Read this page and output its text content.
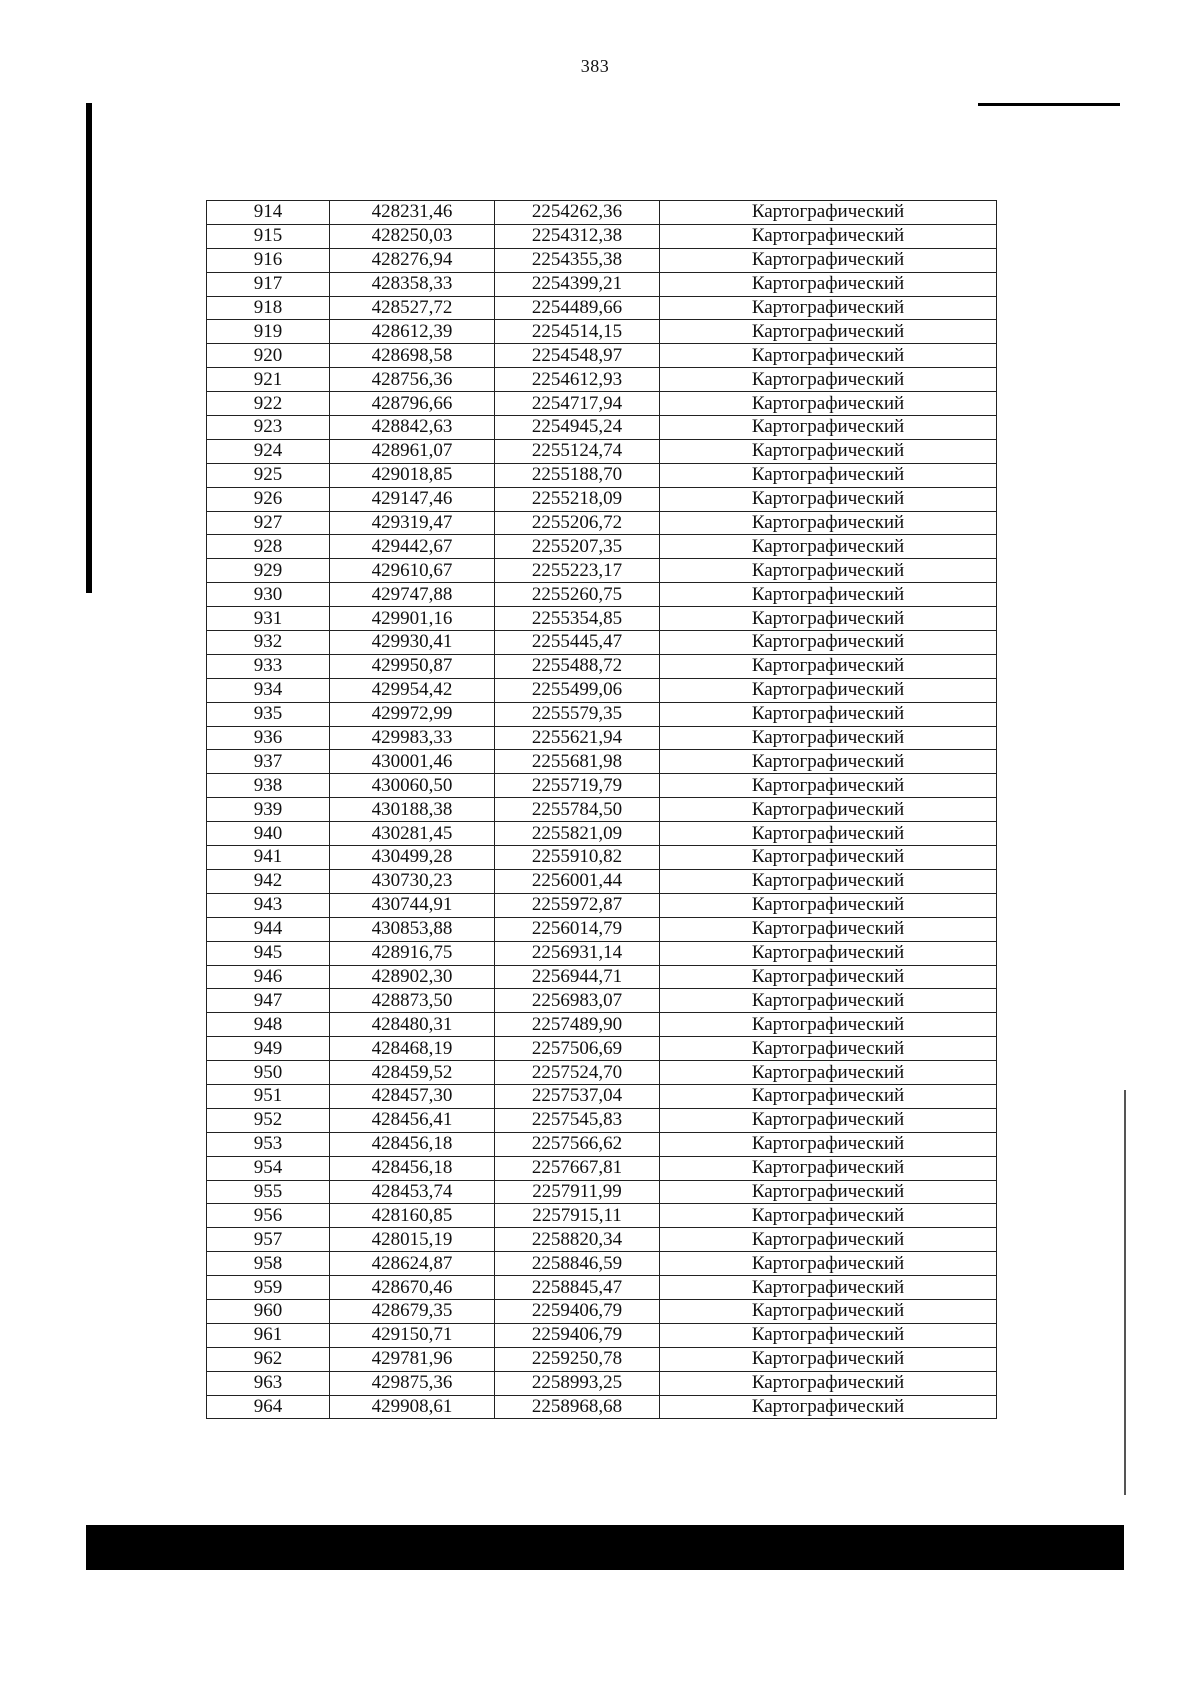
383
914	428231,46	2254262,36	Картографический
915	428250,03	2254312,38	Картографический
916	428276,94	2254355,38	Картографический
917	428358,33	2254399,21	Картографический
918	428527,72	2254489,66	Картографический
919	428612,39	2254514,15	Картографический
920	428698,58	2254548,97	Картографический
921	428756,36	2254612,93	Картографический
922	428796,66	2254717,94	Картографический
923	428842,63	2254945,24	Картографический
924	428961,07	2255124,74	Картографический
925	429018,85	2255188,70	Картографический
926	429147,46	2255218,09	Картографический
927	429319,47	2255206,72	Картографический
928	429442,67	2255207,35	Картографический
929	429610,67	2255223,17	Картографический
930	429747,88	2255260,75	Картографический
931	429901,16	2255354,85	Картографический
932	429930,41	2255445,47	Картографический
933	429950,87	2255488,72	Картографический
934	429954,42	2255499,06	Картографический
935	429972,99	2255579,35	Картографический
936	429983,33	2255621,94	Картографический
937	430001,46	2255681,98	Картографический
938	430060,50	2255719,79	Картографический
939	430188,38	2255784,50	Картографический
940	430281,45	2255821,09	Картографический
941	430499,28	2255910,82	Картографический
942	430730,23	2256001,44	Картографический
943	430744,91	2255972,87	Картографический
944	430853,88	2256014,79	Картографический
945	428916,75	2256931,14	Картографический
946	428902,30	2256944,71	Картографический
947	428873,50	2256983,07	Картографический
948	428480,31	2257489,90	Картографический
949	428468,19	2257506,69	Картографический
950	428459,52	2257524,70	Картографический
951	428457,30	2257537,04	Картографический
952	428456,41	2257545,83	Картографический
953	428456,18	2257566,62	Картографический
954	428456,18	2257667,81	Картографический
955	428453,74	2257911,99	Картографический
956	428160,85	2257915,11	Картографический
957	428015,19	2258820,34	Картографический
958	428624,87	2258846,59	Картографический
959	428670,46	2258845,47	Картографический
960	428679,35	2259406,79	Картографический
961	429150,71	2259406,79	Картографический
962	429781,96	2259250,78	Картографический
963	429875,36	2258993,25	Картографический
964	429908,61	2258968,68	Картографический
